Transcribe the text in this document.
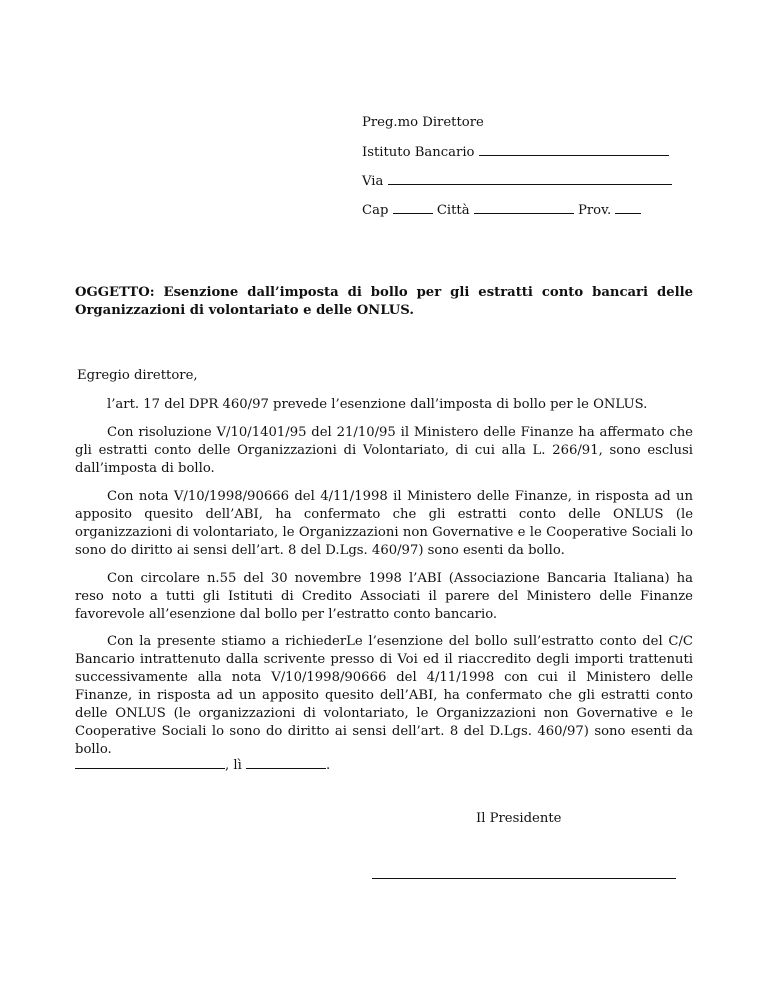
Preg.mo Direttore
Istituto Bancario
Via
Cap	Città	Prov.
OGGETTO: Esenzione dall’imposta di bollo per gli estratti conto bancari delle Organizzazioni di volontariato e delle ONLUS.
Egregio direttore,

l’art. 17 del DPR 460/97 prevede l’esenzione dall’imposta di bollo per le ONLUS.

Con risoluzione V/10/1401/95 del 21/10/95 il Ministero delle Finanze ha affermato che gli estratti conto delle Organizzazioni di Volontariato, di cui alla L. 266/91, sono esclusi dall’imposta di bollo.

Con nota V/10/1998/90666 del 4/11/1998 il Ministero delle Finanze, in risposta ad un apposito quesito dell’ABI, ha confermato che gli estratti conto delle ONLUS (le organizzazioni di volontariato, le Organizzazioni non Governative e le Cooperative Sociali lo sono do diritto ai sensi dell’art. 8 del D.Lgs. 460/97) sono esenti da bollo.

Con circolare n.55 del 30 novembre 1998 l’ABI (Associazione Bancaria Italiana) ha reso noto a tutti gli Istituti di Credito Associati il parere del Ministero delle Finanze favorevole all’esenzione dal bollo per l’estratto conto bancario.

Con la presente stiamo a richiederLe l’esenzione del bollo sull’estratto conto del C/C Bancario intrattenuto dalla scrivente presso di Voi ed il riaccredito degli importi trattenuti successivamente alla nota V/10/1998/90666 del 4/11/1998 con cui il Ministero delle Finanze, in risposta ad un apposito quesito dell’ABI, ha confermato che gli estratti conto delle ONLUS (le organizzazioni di volontariato, le Organizzazioni non Governative e le Cooperative Sociali lo sono do diritto ai sensi dell’art. 8 del D.Lgs. 460/97) sono esenti da bollo.

, lì	.
Il Presidente
